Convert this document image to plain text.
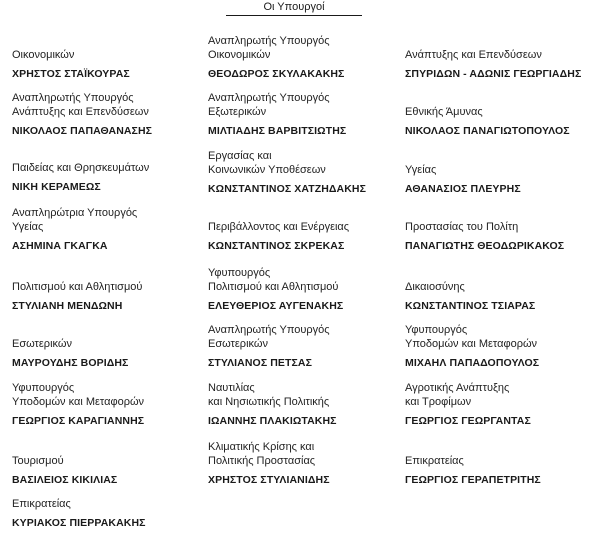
Οι Υπουργοί
Οικονομικών
ΧΡΗΣΤΟΣ ΣΤΑΪΚΟΥΡΑΣ
Αναπληρωτής Υπουργός
Ανάπτυξης και Επενδύσεων
ΝΙΚΟΛΑΟΣ ΠΑΠΑΘΑΝΑΣΗΣ
Παιδείας και Θρησκευμάτων
ΝΙΚΗ ΚΕΡΑΜΕΩΣ
Αναπληρώτρια Υπουργός
Υγείας
ΑΣΗΜΙΝΑ ΓΚΑΓΚΑ
Πολιτισμού και Αθλητισμού
ΣΤΥΛΙΑΝΗ ΜΕΝΔΩΝΗ
Εσωτερικών
ΜΑΥΡΟΥΔΗΣ ΒΟΡΙΔΗΣ
Υφυπουργός
Υποδομών και Μεταφορών
ΓΕΩΡΓΙΟΣ ΚΑΡΑΓΙΑΝΝΗΣ
Τουρισμού
ΒΑΣΙΛΕΙΟΣ ΚΙΚΙΛΙΑΣ
Επικρατείας
ΚΥΡΙΑΚΟΣ ΠΙΕΡΡΑΚΑΚΗΣ
Αναπληρωτής Υπουργός
Οικονομικών
ΘΕΟΔΩΡΟΣ ΣΚΥΛΑΚΑΚΗΣ
Αναπληρωτής Υπουργός
Εξωτερικών
ΜΙΛΤΙΑΔΗΣ ΒΑΡΒΙΤΣΙΩΤΗΣ
Εργασίας και
Κοινωνικών Υποθέσεων
ΚΩΝΣΤΑΝΤΙΝΟΣ ΧΑΤΖΗΔΑΚΗΣ
Περιβάλλοντος και Ενέργειας
ΚΩΝΣΤΑΝΤΙΝΟΣ ΣΚΡΕΚΑΣ
Υφυπουργός
Πολιτισμού και Αθλητισμού
ΕΛΕΥΘΕΡΙΟΣ ΑΥΓΕΝΑΚΗΣ
Αναπληρωτής Υπουργός
Εσωτερικών
ΣΤΥΛΙΑΝΟΣ ΠΕΤΣΑΣ
Ναυτιλίας
και Νησιωτικής Πολιτικής
ΙΩΑΝΝΗΣ ΠΛΑΚΙΩΤΑΚΗΣ
Κλιματικής Κρίσης και
Πολιτικής Προστασίας
ΧΡΗΣΤΟΣ ΣΤΥΛΙΑΝΙΔΗΣ
Ανάπτυξης και Επενδύσεων
ΣΠΥΡΙΔΩΝ - ΑΔΩΝΙΣ ΓΕΩΡΓΙΑΔΗΣ
Εθνικής Άμυνας
ΝΙΚΟΛΑΟΣ ΠΑΝΑΓΙΩΤΟΠΟΥΛΟΣ
Υγείας
ΑΘΑΝΑΣΙΟΣ ΠΛΕΥΡΗΣ
Προστασίας του Πολίτη
ΠΑΝΑΓΙΩΤΗΣ ΘΕΟΔΩΡΙΚΑΚΟΣ
Δικαιοσύνης
ΚΩΝΣΤΑΝΤΙΝΟΣ ΤΣΙΑΡΑΣ
Υφυπουργός
Υποδομών και Μεταφορών
ΜΙΧΑΗΛ ΠΑΠΑΔΟΠΟΥΛΟΣ
Αγροτικής Ανάπτυξης
και Τροφίμων
ΓΕΩΡΓΙΟΣ ΓΕΩΡΓΑΝΤΑΣ
Επικρατείας
ΓΕΩΡΓΙΟΣ ΓΕΡΑΠΕΤΡΙΤΗΣ
